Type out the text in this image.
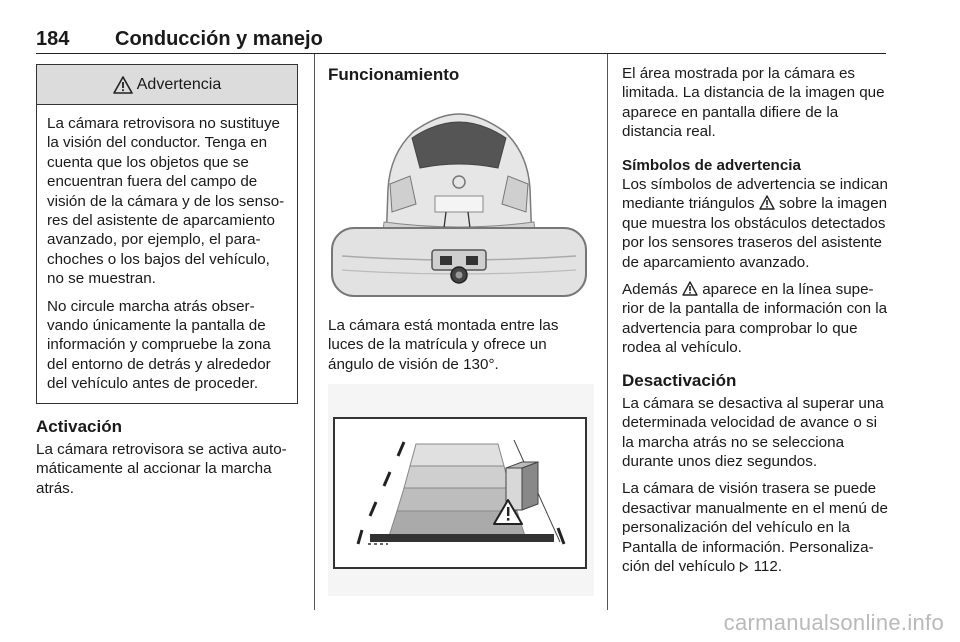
184 Conducción y manejo
Advertencia

La cámara retrovisora no sustituye la visión del conductor. Tenga en cuenta que los objetos que se encuentran fuera del campo de visión de la cámara y de los sensores del asistente de aparcamiento avanzado, por ejemplo, el parachoches o los bajos del vehículo, no se muestran.

No circule marcha atrás observando únicamente la pantalla de información y compruebe la zona del entorno de detrás y alrededor del vehículo antes de proceder.

Activación

La cámara retrovisora se activa automáticamente al accionar la marcha atrás.

Funcionamiento

La cámara está montada entre las luces de la matrícula y ofrece un ángulo de visión de 130°.

El área mostrada por la cámara es limitada. La distancia de la imagen que aparece en pantalla difiere de la distancia real.

Símbolos de advertencia

Los símbolos de advertencia se indican mediante triángulos sobre la imagen que muestra los obstáculos detectados por los sensores traseros del asistente de aparcamiento avanzado.

Además aparece en la línea superior de la pantalla de información con la advertencia para comprobar lo que rodea al vehículo.

Desactivación

La cámara se desactiva al superar una determinada velocidad de avance o si la marcha atrás no se selecciona durante unos diez segundos.

La cámara de visión trasera se puede desactivar manualmente en el menú de personalización del vehículo en la Pantalla de información. Personalización del vehículo 112.

carmanualsonline.info
